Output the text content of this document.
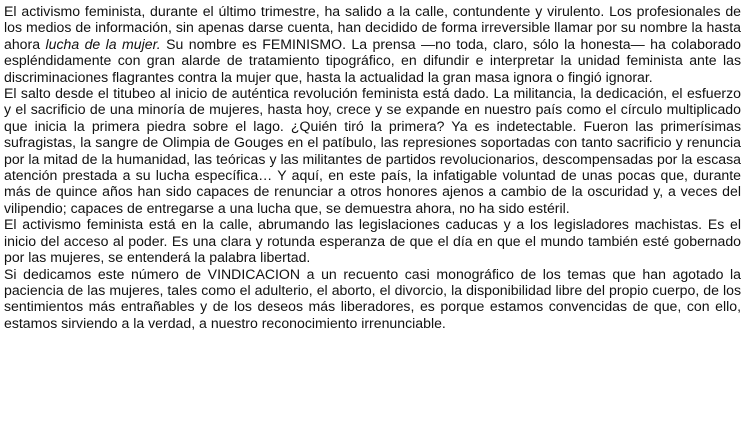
El activismo feminista, durante el último trimestre, ha salido a la calle, contundente y virulento. Los profesionales de los medios de información, sin apenas darse cuenta, han decidido de forma irreversible llamar por su nombre la hasta ahora lucha de la mujer. Su nombre es FEMINISMO. La prensa —no toda, claro, sólo la honesta— ha colaborado espléndidamente con gran alarde de tratamiento tipográfico, en difundir e interpretar la unidad feminista ante las discriminaciones flagrantes contra la mujer que, hasta la actualidad la gran masa ignora o fingió ignorar.

El salto desde el titubeo al inicio de auténtica revolución feminista está dado. La militancia, la dedicación, el esfuerzo y el sacrificio de una minoría de mujeres, hasta hoy, crece y se expande en nuestro país como el círculo multiplicado que inicia la primera piedra sobre el lago. ¿Quién tiró la primera? Ya es indetectable. Fueron las primerísimas sufragistas, la sangre de Olimpia de Gouges en el patíbulo, las represiones soportadas con tanto sacrificio y renuncia por la mitad de la humanidad, las teóricas y las militantes de partidos revolucionarios, descompensadas por la escasa atención prestada a su lucha específica… Y aquí, en este país, la infatigable voluntad de unas pocas que, durante más de quince años han sido capaces de renunciar a otros honores ajenos a cambio de la oscuridad y, a veces del vilipendio; capaces de entregarse a una lucha que, se demuestra ahora, no ha sido estéril.

El activismo feminista está en la calle, abrumando las legislaciones caducas y a los legisladores machistas. Es el inicio del acceso al poder. Es una clara y rotunda esperanza de que el día en que el mundo también esté gobernado por las mujeres, se entenderá la palabra libertad.

Si dedicamos este número de VINDICACION a un recuento casi monográfico de los temas que han agotado la paciencia de las mujeres, tales como el adulterio, el aborto, el divorcio, la disponibilidad libre del propio cuerpo, de los sentimientos más entrañables y de los deseos más liberadores, es porque estamos convencidas de que, con ello, estamos sirviendo a la verdad, a nuestro reconocimiento irrenunciable.
